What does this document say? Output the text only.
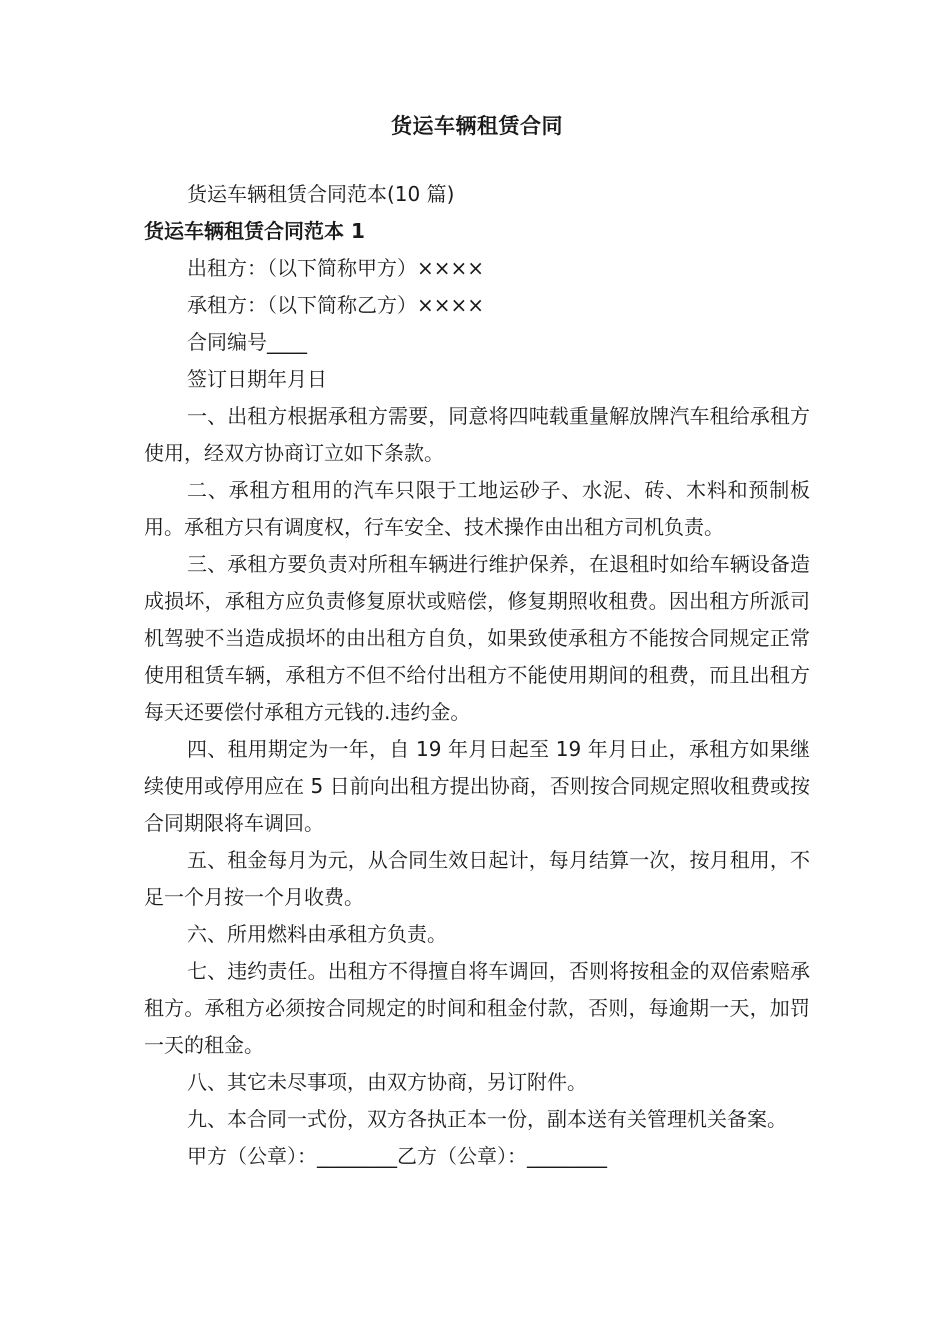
货运车辆租赁合同

货运车辆租赁合同范本(10 篇)

货运车辆租赁合同范本 1

出租方：（以下简称甲方）××××

承租方：（以下简称乙方）××××

合同编号____

签订日期年月日

一、出租方根据承租方需要，同意将四吨载重量解放牌汽车租给承租方使用，经双方协商订立如下条款。

二、承租方租用的汽车只限于工地运砂子、水泥、砖、木料和预制板用。承租方只有调度权，行车安全、技术操作由出租方司机负责。

三、承租方要负责对所租车辆进行维护保养，在退租时如给车辆设备造成损坏，承租方应负责修复原状或赔偿，修复期照收租费。因出租方所派司机驾驶不当造成损坏的由出租方自负，如果致使承租方不能按合同规定正常使用租赁车辆，承租方不但不给付出租方不能使用期间的租费，而且出租方每天还要偿付承租方元钱的.违约金。

四、租用期定为一年，自 19 年月日起至 19 年月日止，承租方如果继续使用或停用应在 5 日前向出租方提出协商，否则按合同规定照收租费或按合同期限将车调回。

五、租金每月为元，从合同生效日起计，每月结算一次，按月租用，不足一个月按一个月收费。

六、所用燃料由承租方负责。

七、违约责任。出租方不得擅自将车调回，否则将按租金的双倍索赔承租方。承租方必须按合同规定的时间和租金付款，否则，每逾期一天，加罚一天的租金。

八、其它未尽事项，由双方协商，另订附件。

九、本合同一式份，双方各执正本一份，副本送有关管理机关备案。

甲方（公章）：________乙方（公章）：________
